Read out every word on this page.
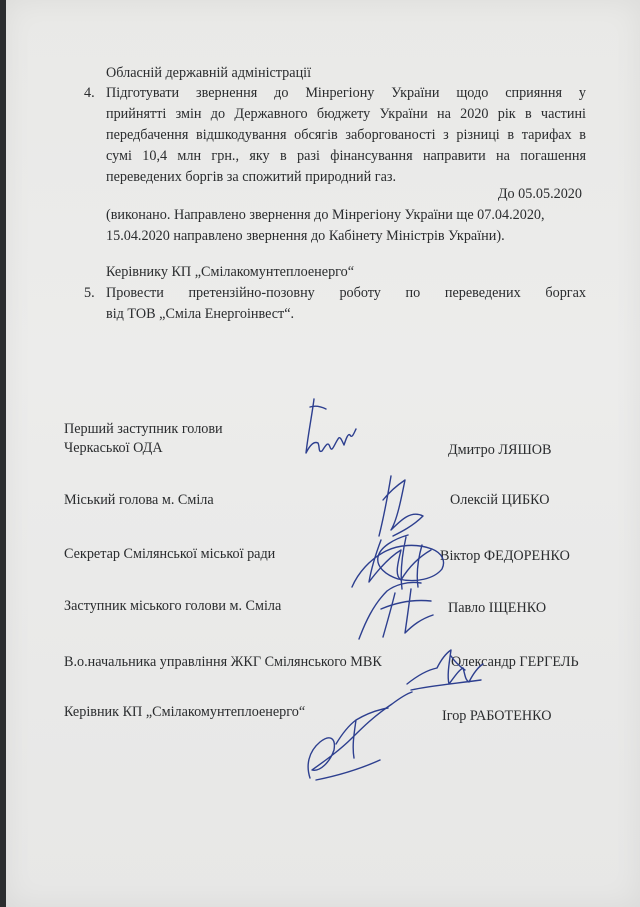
Обласній державній адміністрації
4. Підготувати звернення до Мінрегіону України щодо сприяння у
прийнятті змін до Державного бюджету України на 2020 рік в частині
передбачення відшкодування обсягів заборгованості з різниці в тарифах в
сумі 10,4 млн грн., яку в разі фінансування направити на погашення
переведених боргів за спожитий природний газ.
До 05.05.2020
(виконано. Направлено звернення до Мінрегіону України ще 07.04.2020,
15.04.2020 направлено звернення до Кабінету Міністрів України).
Керівнику КП „Смілакомунтеплоенерго“
5. Провести претензійно-позовну роботу по переведених боргах
від ТОВ „Сміла Енергоінвест“.
Перший заступник голови
Черкаської ОДА	Дмитро ЛЯШОВ
Міський голова м. Сміла	Олексій ЦИБКО
Секретар Смілянської міської ради	Віктор ФЕДОРЕНКО
Заступник міського голови м. Сміла	Павло ІЩЕНКО
В.о.начальника управління ЖКГ Смілянського МВК	Олександр ГЕРГЕЛЬ
Керівник КП „Смілакомунтеплоенерго“	Ігор РАБОТЕНКО
